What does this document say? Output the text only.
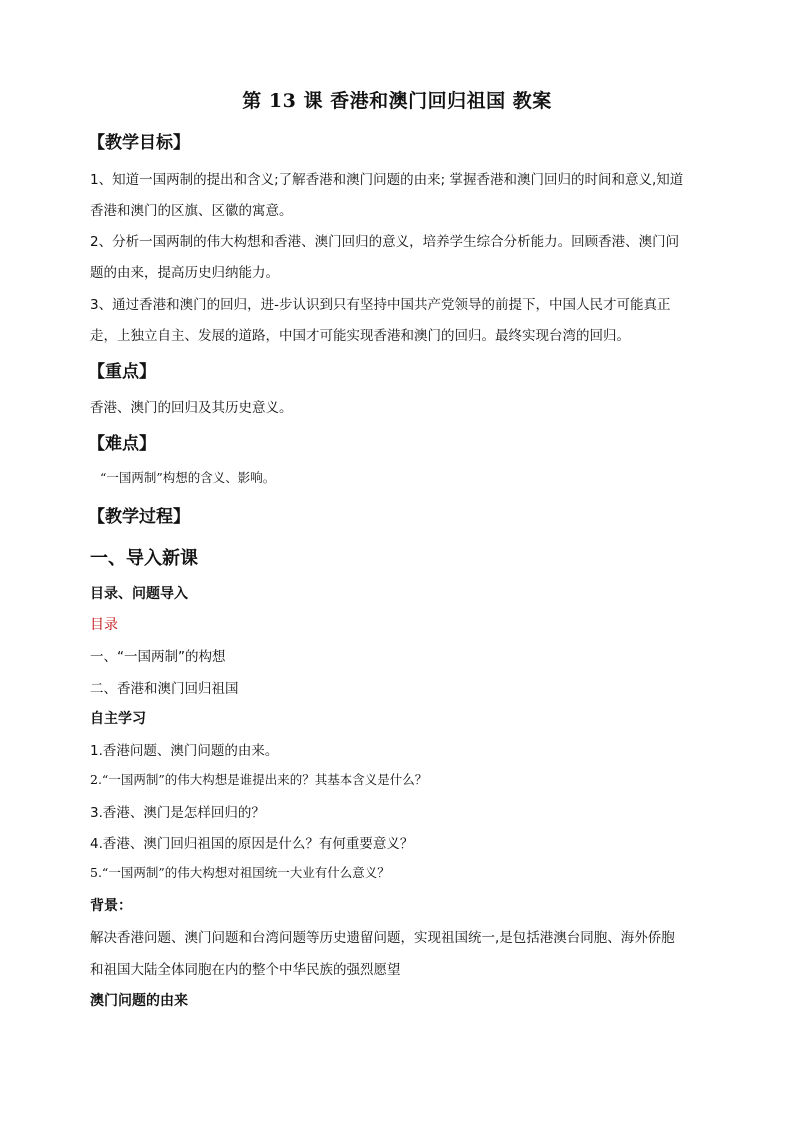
第 13 课 香港和澳门回归祖国 教案
【教学目标】
1、知道一国两制的提出和含义;了解香港和澳门问题的由来; 掌握香港和澳门回归的时间和意义,知道
香港和澳门的区旗、区徽的寓意。
2、分析一国两制的伟大构想和香港、澳门回归的意义，培养学生综合分析能力。回顾香港、澳门问
题的由来，提高历史归纳能力。
3、通过香港和澳门的回归，进-步认识到只有坚持中国共产党领导的前提下，中国人民才可能真正
走，上独立自主、发展的道路，中国才可能实现香港和澳门的回归。最终实现台湾的回归。
【重点】
香港、澳门的回归及其历史意义。
【难点】
“一国两制”构想的含义、影响。
【教学过程】
一、导入新课
目录、问题导入
目录
一、“一国两制”的构想
二、香港和澳门回归祖国
自主学习
1.香港问题、澳门问题的由来。
2.“一国两制”的伟大构想是谁提出来的？其基本含义是什么？
3.香港、澳门是怎样回归的？
4.香港、澳门回归祖国的原因是什么？有何重要意义？
5.“一国两制”的伟大构想对祖国统一大业有什么意义？
背景：
解决香港问题、澳门问题和台湾问题等历史遗留问题，实现祖国统一,是包括港澳台同胞、海外侨胞
和祖国大陆全体同胞在内的整个中华民族的强烈愿望
澳门问题的由来
